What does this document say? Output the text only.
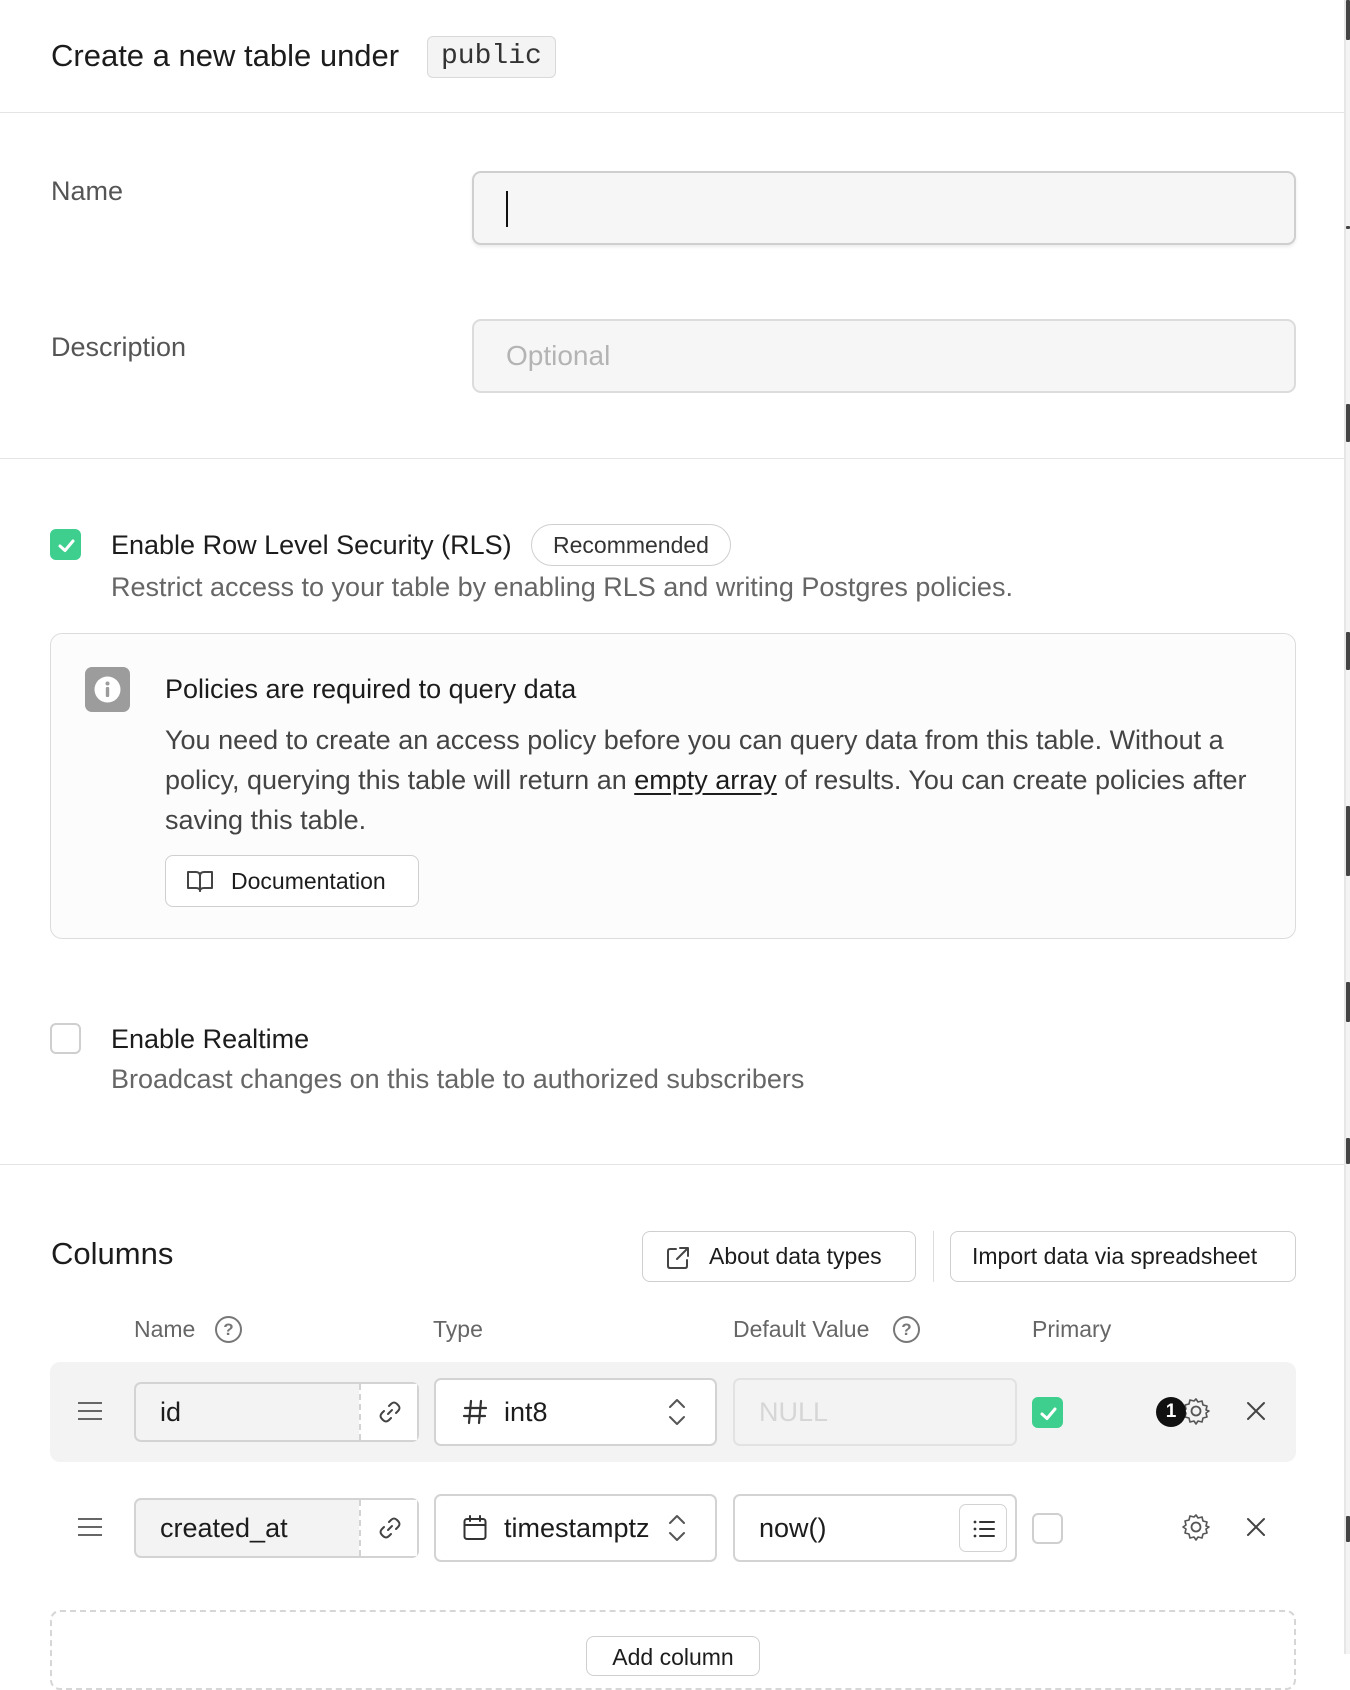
Create a new table under	public
Name
Description	Optional
Enable Row Level Security (RLS)	Recommended
Restrict access to your table by enabling RLS and writing Postgres policies.
Policies are required to query data
You need to create an access policy before you can query data from this table. Without a policy, querying this table will return an empty array of results. You can create policies after saving this table.
Documentation
Enable Realtime
Broadcast changes on this table to authorized subscribers
Columns	About data types	Import data via spreadsheet
Name	?	Type	Default Value	?	Primary
id	int8	NULL	1
created_at	timestamptz	now()
Add column
